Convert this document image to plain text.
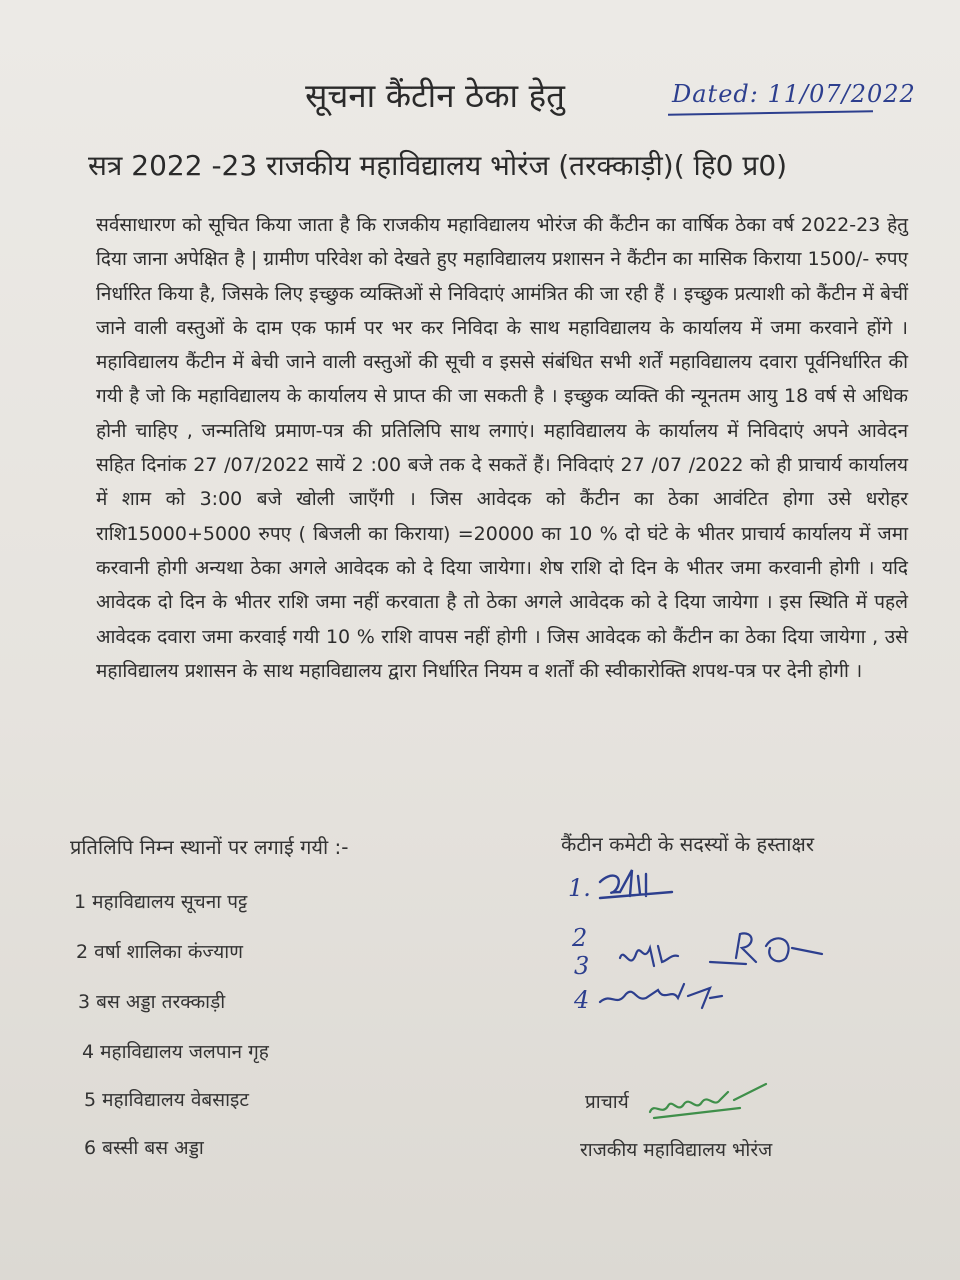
सूचना कैंटीन ठेका हेतु	Dated: 11/07/2022
सत्र 2022 -23 राजकीय महाविद्यालय भोरंज (तरक्काड़ी)( हि0 प्र0)
सर्वसाधारण को सूचित किया जाता है कि राजकीय महाविद्यालय भोरंज की कैंटीन का वार्षिक ठेका वर्ष 2022-23 हेतु दिया जाना अपेक्षित है | ग्रामीण परिवेश को देखते हुए महाविद्यालय प्रशासन ने कैंटीन का मासिक किराया 1500/- रुपए निर्धारित किया है, जिसके लिए इच्छुक व्यक्तिओं से निविदाएं आमंत्रित की जा रही हैं । इच्छुक प्रत्याशी को कैंटीन में बेचीं जाने वाली वस्तुओं के दाम एक फार्म पर भर कर निविदा के साथ महाविद्यालय के कार्यालय में जमा करवाने होंगे । महाविद्यालय कैंटीन में बेची जाने वाली वस्तुओं की सूची व इससे संबंधित सभी शर्तें महाविद्यालय दवारा पूर्वनिर्धारित की गयी है जो कि महाविद्यालय के कार्यालय से प्राप्त की जा सकती है । इच्छुक व्यक्ति की न्यूनतम आयु 18 वर्ष से अधिक होनी चाहिए , जन्मतिथि प्रमाण-पत्र की प्रतिलिपि साथ लगाएं। महाविद्यालय के कार्यालय में निविदाएं अपने आवेदन सहित दिनांक 27 /07/2022 सायें 2 :00 बजे तक दे सकतें हैं। निविदाएं 27 /07 /2022 को ही प्राचार्य कार्यालय में शाम को 3:00 बजे खोली जाएँगी । जिस आवेदक को कैंटीन का ठेका आवंटित होगा उसे धरोहर राशि15000+5000 रुपए ( बिजली का किराया) =20000 का 10 % दो घंटे के भीतर प्राचार्य कार्यालय में जमा करवानी होगी अन्यथा ठेका अगले आवेदक को दे दिया जायेगा। शेष राशि दो दिन के भीतर जमा करवानी होगी । यदि आवेदक दो दिन के भीतर राशि जमा नहीं करवाता है तो ठेका अगले आवेदक को दे दिया जायेगा । इस स्थिति में पहले आवेदक दवारा जमा करवाई गयी 10 % राशि वापस नहीं होगी । जिस आवेदक को कैंटीन का ठेका दिया जायेगा , उसे महाविद्यालय प्रशासन के साथ महाविद्यालय द्वारा निर्धारित नियम व शर्तों की स्वीकारोक्ति शपथ-पत्र पर देनी होगी ।
प्रतिलिपि निम्न स्थानों पर लगाई गयी :-	कैंटीन कमेटी के सदस्यों के हस्ताक्षर
1 महाविद्यालय सूचना पट्ट
2 वर्षा शालिका कंज्याण
3 बस अड्डा तरक्काड़ी
4 महाविद्यालय जलपान गृह
5 महाविद्यालय वेबसाइट
6 बस्सी बस अड्डा
1.
2
3
4
प्राचार्य
राजकीय महाविद्यालय भोरंज
